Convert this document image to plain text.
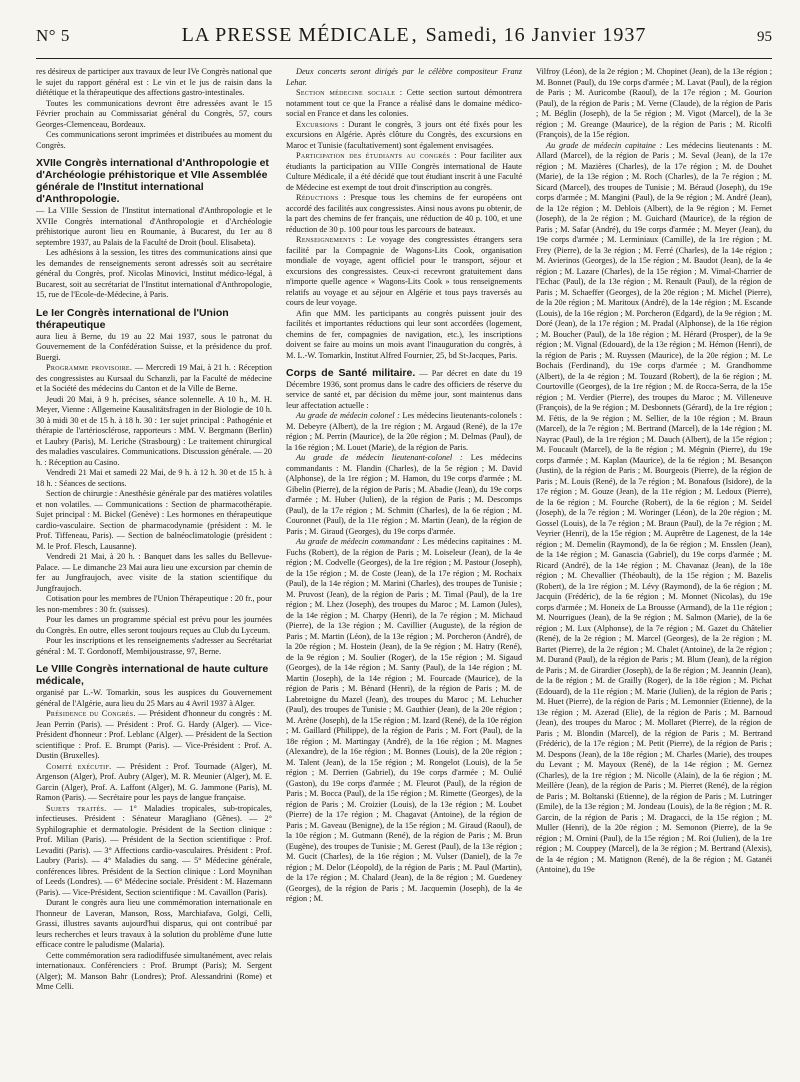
N° 5	LA PRESSE MÉDICALE , Samedi, 16 Janvier 1937	95

res désireux de participer aux travaux de leur IVe Congrès national que le sujet du rapport général est : Le vin et le jus de raisin dans la diététique et la thérapeutique des affections gastro-intestinales.

Toutes les communications devront être adressées avant le 15 Février prochain au Commissariat général du Congrès, 57, cours Georges-Clemenceau, Bordeaux.

Ces communications seront imprimées et distribuées au moment du Congrès.

XVIIe Congrès international d'Anthropologie et d'Archéologie préhistorique et VIIe Assemblée générale de l'Institut international d'Anthropologie.

— La VIIIe Session de l'Institut international d'Anthropologie et le XVIIe Congrès international d'Anthropologie et d'Archéologie préhistorique auront lieu en Roumanie, à Bucarest, du 1er au 8 septembre 1937, au Palais de la Faculté de Droit (boul. Elisabeta).

Les adhésions à la session, les titres des communications ainsi que les demandes de renseignements seront adressés soit au secrétaire général du Congrès, prof. Nicolas Minovici, Institut médico-légal, à Bucarest, soit au secrétariat de l'Institut international d'Anthropologie, 15, rue de l'Ecole-de-Médecine, à Paris.

Le Ier Congrès international de l'Union thérapeutique

aura lieu à Berne, du 19 au 22 Mai 1937, sous le patronat du Gouvernement de la Confédération Suisse, et la présidence du prof. Buergi.

Programme provisoire. — Mercredi 19 Mai, à 21 h. : Réception des congressistes au Kursaal du Schanzli, par la Faculté de médecine et la Société des médecins du Canton et de la Ville de Berne.

Jeudi 20 Mai, à 9 h. précises, séance solennelle. A 10 h., M. H. Meyer, Vienne : Allgemeine Kausalitätsfragen in der Biologie de 10 h. 30 à midi 30 et de 15 h. à 18 h. 30 : 1er sujet principal : Pathogénie et thérapie de l'artériosclérose, rapporteurs : MM. V. Bergmann (Berlin) et Laubry (Paris), M. Leriche (Strasbourg) : Le traitement chirurgical des maladies vasculaires. Communications. Discussion générale. — 20 h. : Réception au Casino.

Vendredi 21 Mai et samedi 22 Mai, de 9 h. à 12 h. 30 et de 15 h. à 18 h. : Séances de sections.

Section de chirurgie : Anesthésie générale par des matières volatiles et non volatiles. — Communications : Section de pharmacothérapie. Sujet principal : M. Bickel (Genève) : Les hormones en thérapeutique cardio-vasculaire. Section de pharmacodynamie (président : M. le Prof. Tiffeneau, Paris). — Section de balnéoclimatologie (président : M. le Prof. Flesch, Lausanne).

Vendredi 21 Mai, à 20 h. : Banquet dans les salles du Bellevue-Palace. — Le dimanche 23 Mai aura lieu une excursion par chemin de fer au Jungfraujoch, avec visite de la station scientifique du Jungfraujoch.

Cotisation pour les membres de l'Union Thérapeutique : 20 fr., pour les non-membres : 30 fr. (suisses).

Pour les dames un programme spécial est prévu pour les journées du Congrès. En outre, elles seront toujours reçues au Club du Lyceum.

Pour les inscriptions et les renseignements s'adresser au Secrétariat général : M. T. Gordonoff, Membijoustrasse, 97, Berne.

Le VIIIe Congrès international de haute culture médicale,

organisé par L.-W. Tomarkin, sous les auspices du Gouvernement général de l'Algérie, aura lieu du 25 Mars au 4 Avril 1937 à Alger.

Présidence du Congrès. — Président d'honneur du congrès : M. Jean Perrin (Paris). — Président : Prof. G. Hardy (Alger). — Vice-Président d'honneur : Prof. Leblanc (Alger). — Président de la Section scientifique : Prof. E. Brumpt (Paris). — Vice-Président : Prof. A. Dustin (Bruxelles).

Comité exécutif. — Président : Prof. Tournade (Alger), M. Argenson (Alger), Prof. Aubry (Alger), M. R. Meunier (Alger), M. E. Garcin (Alger), Prof. A. Laffont (Alger), M. G. Jammone (Paris), M. Ramon (Paris). — Secrétaire pour les pays de langue française.

Sujets traités. — 1° Maladies tropicales, sub-tropicales, infectieuses. Président : Sénateur Maragliano (Gênes). — 2° Syphilographie et dermatologie. Président de la Section clinique : Prof. Milian (Paris). — Président de la Section scientifique : Prof. Levaditi (Paris). — 3° Affections cardio-vasculaires. Président : Prof. Laubry (Paris). — 4° Maladies du sang. — 5° Médecine générale, conférences libres. Président de la Section clinique : Lord Moynihan of Leeds (Londres). — 6° Médecine sociale. Président : M. Hazemann (Paris). — Vice-Président, Section scientifique : M. Cavaillon (Paris).

Durant le congrès aura lieu une commémoration internationale en l'honneur de Laveran, Manson, Ross, Marchiafava, Golgi, Celli, Grassi, illustres savants aujourd'hui disparus, qui ont contribué par leurs recherches et leurs travaux à la solution du problème d'une lutte efficace contre le paludisme (Malaria).

Cette commémoration sera radiodiffusée simultanément, avec relais internationaux. Conférenciers : Prof. Brumpt (Paris); M. Sergent (Alger); M. Manson Bahr (Londres); Prof. Alessandrini (Rome) et Mme Celli.

Deux concerts seront dirigés par le célèbre compositeur Franz Lehar.

Section médecine sociale : Cette section surtout démontrera notamment tout ce que la France a réalisé dans le domaine médico-social en France et dans les colonies.

Excursions : Durant le congrès, 3 jours ont été fixés pour les excursions en Algérie. Après clôture du Congrès, des excursions en Maroc et Tunisie (facultativement) sont également envisagées.

Participation des étudiants au congrès : Pour faciliter aux étudiants la participation au VIIIe Congrès international de Haute Culture Médicale, il a été décidé que tout étudiant inscrit à une Faculté de Médecine est exempt de tout droit d'inscription au congrès.

Réductions : Presque tous les chemins de fer européens ont accordé des facilités aux congressistes. Ainsi nous avons pu obtenir, de la part des chemins de fer français, une réduction de 40 p. 100, et une réduction de 30 p. 100 pour tous les parcours de bateaux.

Renseignements : Le voyage des congressistes étrangers sera facilité par la Compagnie de Wagons-Lits Cook, organisation mondiale de voyage, agent officiel pour le transport, séjour et excursions des congressistes. Ceux-ci recevront gratuitement dans n'importe quelle agence « Wagons-Lits Cook » tous renseignements relatifs au voyage et au séjour en Algérie et tous pays traversés au cours de leur voyage.

Afin que MM. les participants au congrès puissent jouir des facilités et importantes réductions qui leur sont accordées (logement, chemins de fer, compagnies de navigation, etc.), les inscriptions doivent se faire au moins un mois avant l'inauguration du congrès, à M. L.-W. Tomarkin, Institut Alfred Fournier, 25, bd St-Jacques, Paris.

Corps de Santé militaire. — Par décret en date du 19 Décembre 1936, sont promus dans le cadre des officiers de réserve du service de santé et, par décision du même jour, sont maintenus dans leur affectation actuelle :

Au grade de médecin colonel : Les médecins lieutenants-colonels : M. Debeyre (Albert), de la 1re région ; M. Argaud (René), de la 17e région ; M. Perrin (Maurice), de la 20e région ; M. Delmas (Paul), de la 16e région ; M. Louet (Marie), de la région de Paris.

Au grade de médecin lieutenant-colonel : Les médecins commandants : M. Flandin (Charles), de la 5e région ; M. David (Alphonse), de la 1re région ; M. Hamon, du 19e corps d'armée ; M. Gibelin (Pierre), de la région de Paris ; M. Abadie (Jean), du 19e corps d'armée ; M. Huber (Julien), de la région de Paris ; M. Descomps (Paul), de la 17e région ; M. Schmitt (Charles), de la 6e région ; M. Couronnet (Paul), de la 11e région ; M. Martin (Jean), de la région de Paris ; M. Giraud (Georges), du 19e corps d'armée.

Au grade de médecin commandant : Les médecins capitaines : M. Fuchs (Robert), de la région de Paris ; M. Loiseleur (Jean), de la 4e région ; M. Codvelle (Georges), de la 1re région ; M. Pastour (Joseph), de la 15e région ; M. de Coste (Jean), de la 17e région ; M. Rochaix (Paul), de la 14e région ; M. Marini (Charles), des troupes de Tunisie ; M. Pruvost (Jean), de la région de Paris ; M. Timal (Paul), de la 1re région ; M. Lhez (Joseph), des troupes du Maroc ; M. Lamon (Jules), de la 14e région ; M. Charpy (Henri), de la 7e région ; M. Michaud (Pierre), de la 13e région ; M. Cavillier (Auguste), de la région de Paris ; M. Martin (Léon), de la 13e région ; M. Porcheron (André), de la 20e région ; M. Hostein (Jean), de la 9e région ; M. Hatry (René), de la 9e région ; M. Soulier (Roger), de la 15e région ; M. Sigaud (Georges), de la 14e région ; M. Santy (Paul), de la 14e région ; M. Martin (Joseph), de la 14e région ; M. Fourcade (Maurice), de la région de Paris ; M. Bénard (Henri), de la région de Paris ; M. de Labretoigne du Mazel (Jean), des troupes du Maroc ; M. Lehucher (Paul), des troupes de Tunisie ; M. Gauthier (Jean), de la 20e région ; M. Arène (Joseph), de la 15e région ; M. Izard (René), de la 10e région ; M. Gaillard (Philippe), de la région de Paris ; M. Fort (Paul), de la 18e région ; M. Martingay (André), de la 16e région ; M. Magnes (Alexandre), de la 16e région ; M. Bonnes (Louis), de la 20e région ; M. Talent (Jean), de la 15e région ; M. Rongelot (Louis), de la 5e région ; M. Derrien (Gabriel), du 19e corps d'armée ; M. Oulié (Gaston), du 19e corps d'armée ; M. Fleurot (Paul), de la région de Paris ; M. Bocca (Paul), de la 15e région ; M. Rimette (Georges), de la région de Paris ; M. Croizier (Louis), de la 13e région ; M. Loubet (Pierre) de la 17e région ; M. Chagavat (Antoine), de la région de Paris ; M. Gaveau (Benigne), de la 15e région ; M. Giraud (Raoul), de la 10e région ; M. Gutmann (René), de la région de Paris ; M. Brun (Eugène), des troupes de Tunisie ; M. Gerest (Paul), de la 13e région ; M. Gucit (Charles), de la 16e région ; M. Vulser (Daniel), de la 7e région ; M. Delor (Léopold), de la région de Paris ; M. Paul (Martin), de la 17e région ; M. Chalard (Jean), de la 8e région ; M. Guedeney (Georges), de la région de Paris ; M. Jacquemin (Joseph), de la 4e région ; M.

Vilfroy (Léon), de la 2e région ; M. Chopinet (Jean), de la 13e région ; M. Bonnet (Paul), du 19e corps d'armée ; M. Lavat (Paul), de la région de Paris ; M. Auricombe (Raoul), de la 17e région ; M. Gourion (Paul), de la région de Paris ; M. Verne (Claude), de la région de Paris ; M. Béglin (Joseph), de la 5e région ; M. Vigot (Marcel), de la 3e région ; M. Greange (Maurice), de la région de Paris ; M. Ricolfi (François), de la 15e région.

Au grade de médecin capitaine : Les médecins lieutenants : M. Allard (Marcel), de la région de Paris ; M. Seval (Jean), de la 17e région ; M. Mazières (Charles), de la 17e région ; M. de Douhet (Marie), de la 13e région ; M. Roch (Charles), de la 7e région ; M. Sicard (Marcel), des troupes de Tunisie ; M. Béraud (Joseph), du 19e corps d'armée ; M. Mangini (Paul), de la 9e région ; M. André (Jean), de la 12e région ; M. Deblois (Albert), de la 9e région ; M. Fernet (Joseph), de la 2e région ; M. Guichard (Maurice), de la région de Paris ; M. Safar (André), du 19e corps d'armée ; M. Meyer (Jean), du 19e corps d'armée ; M. Lerminiaux (Camille), de la 1re région ; M. Frey (Pierre), de la 3e région ; M. Ferré (Charles), de la 14e région ; M. Avierinos (Georges), de la 15e région ; M. Baudot (Jean), de la 4e région ; M. Lazare (Charles), de la 15e région ; M. Vimal-Charrier de l'Echac (Paul), de la 13e région ; M. Renault (Paul), de la région de Paris ; M. Schaeffer (Georges), de la 20e région ; M. Michel (Pierre), de la 20e région ; M. Maritoux (André), de la 14e région ; M. Escande (Louis), de la 16e région ; M. Porcheron (Edgard), de la 9e région ; M. Doré (Jean), de la 17e région ; M. Pradal (Alphonse), de la 16e région ; M. Boucher (Paul), de la 18e région ; M. Hérard (Prosper), de la 9e région ; M. Vignal (Edouard), de la 13e région ; M. Hémon (Henri), de la région de Paris ; M. Ruyssen (Maurice), de la 20e région ; M. Le Bochais (Ferdinand), du 19e corps d'armée ; M. Grandhomme (Albert), de la 4e région ; M. Touzard (Robert), de la 6e région ; M. Courtoville (Georges), de la 1re région ; M. de Rocca-Serra, de la 15e région ; M. Verdier (Pierre), des troupes du Maroc ; M. Villeneuve (François), de la 9e région ; M. Desbonnets (Gérard), de la 1re région ; M. Fétis, de la 9e région ; M. Sellier, de la 10e région ; M. Braun (Marcel), de la 7e région ; M. Bertrand (Marcel), de la 14e région ; M. Nayrac (Paul), de la 1re région ; M. Dauch (Albert), de la 15e région ; M. Foucault (Marcel), de la 8e région ; M. Mégnin (Pierre), du 19e corps d'armée ; M. Kaplan (Maurice), de la 6e région ; M. Besançon (Justin), de la région de Paris ; M. Bourgeois (Pierre), de la région de Paris ; M. Louis (René), de la 7e région ; M. Bonafous (Isidore), de la 17e région ; M. Gouze (Jean), de la 11e région ; M. Ledoux (Pierre), de la 6e région ; M. Fourche (Robert), de la 6e région ; M. Seidel (Joseph), de la 7e région ; M. Woringer (Léon), de la 20e région ; M. Gossel (Louis), de la 7e région ; M. Braun (Paul), de la 7e région ; M. Veyrier (Henri), de la 15e région ; M. Auprêtre de Lagenest, de la 14e région ; M. Demelin (Raymond), de la 6e région ; M. Ensslen (Jean), de la 14e région ; M. Ganascia (Gabriel), du 19e corps d'armée ; M. Ricard (André), de la 14e région ; M. Chavanaz (Jean), de la 18e région ; M. Chevallier (Théobault), de la 15e région ; M. Bazelis (Robert), de la 1re région ; M. Lévy (Raymond), de la 6e région ; M. Jacquin (Frédéric), de la 6e région ; M. Monnet (Nicolas), du 19e corps d'armée ; M. Honeix de La Brousse (Armand), de la 11e région ; M. Nourrigues (Jean), de la 9e région ; M. Salmon (Marie), de la 6e région ; M. Lux (Alphonse), de la 7e région ; M. Gazet du Châtelier (René), de la 2e région ; M. Marcel (Georges), de la 2e région ; M. Bartet (Pierre), de la 2e région ; M. Chalet (Antoine), de la 2e région ; M. Durand (Paul), de la région de Paris ; M. Blum (Jean), de la région de Paris ; M. de Girardier (Joseph), de la 8e région ; M. Jeannin (Jean), de la 8e région ; M. de Grailly (Roger), de la 18e région ; M. Pichat (Edouard), de la 11e région ; M. Marie (Julien), de la région de Paris ; M. Huet (Pierre), de la région de Paris ; M. Lemonnier (Etienne), de la 13e région ; M. Azerad (Elie), de la région de Paris ; M. Barnoud (Jean), des troupes du Maroc ; M. Mollaret (Pierre), de la région de Paris ; M. Blondin (Marcel), de la région de Paris ; M. Bertrand (Frédéric), de la 17e région ; M. Petit (Pierre), de la région de Paris ; M. Despons (Jean), de la 18e région ; M. Charles (Marie), des troupes du Levant ; M. Mayoux (René), de la 14e région ; M. Gernez (Charles), de la 1re région ; M. Nicolle (Alain), de la 6e région ; M. Meillère (Jean), de la région de Paris ; M. Pierret (René), de la région de Paris ; M. Boltanski (Etienne), de la région de Paris ; M. Lutringer (Emile), de la 13e région ; M. Jondeau (Louis), de la 8e région ; M. R. Garcin, de la région de Paris ; M. Dragacci, de la 15e région ; M. Muller (Henri), de la 20e région ; M. Semonon (Pierre), de la 9e région ; M. Ornini (Paul), de la 15e région ; M. Roi (Julien), de la 1re région ; M. Couppey (Marcel), de la 3e région ; M. Bertrand (Alexis), de la 4e région ; M. Matignon (René), de la 8e région ; M. Gatanéi (Antoine), du 19e
